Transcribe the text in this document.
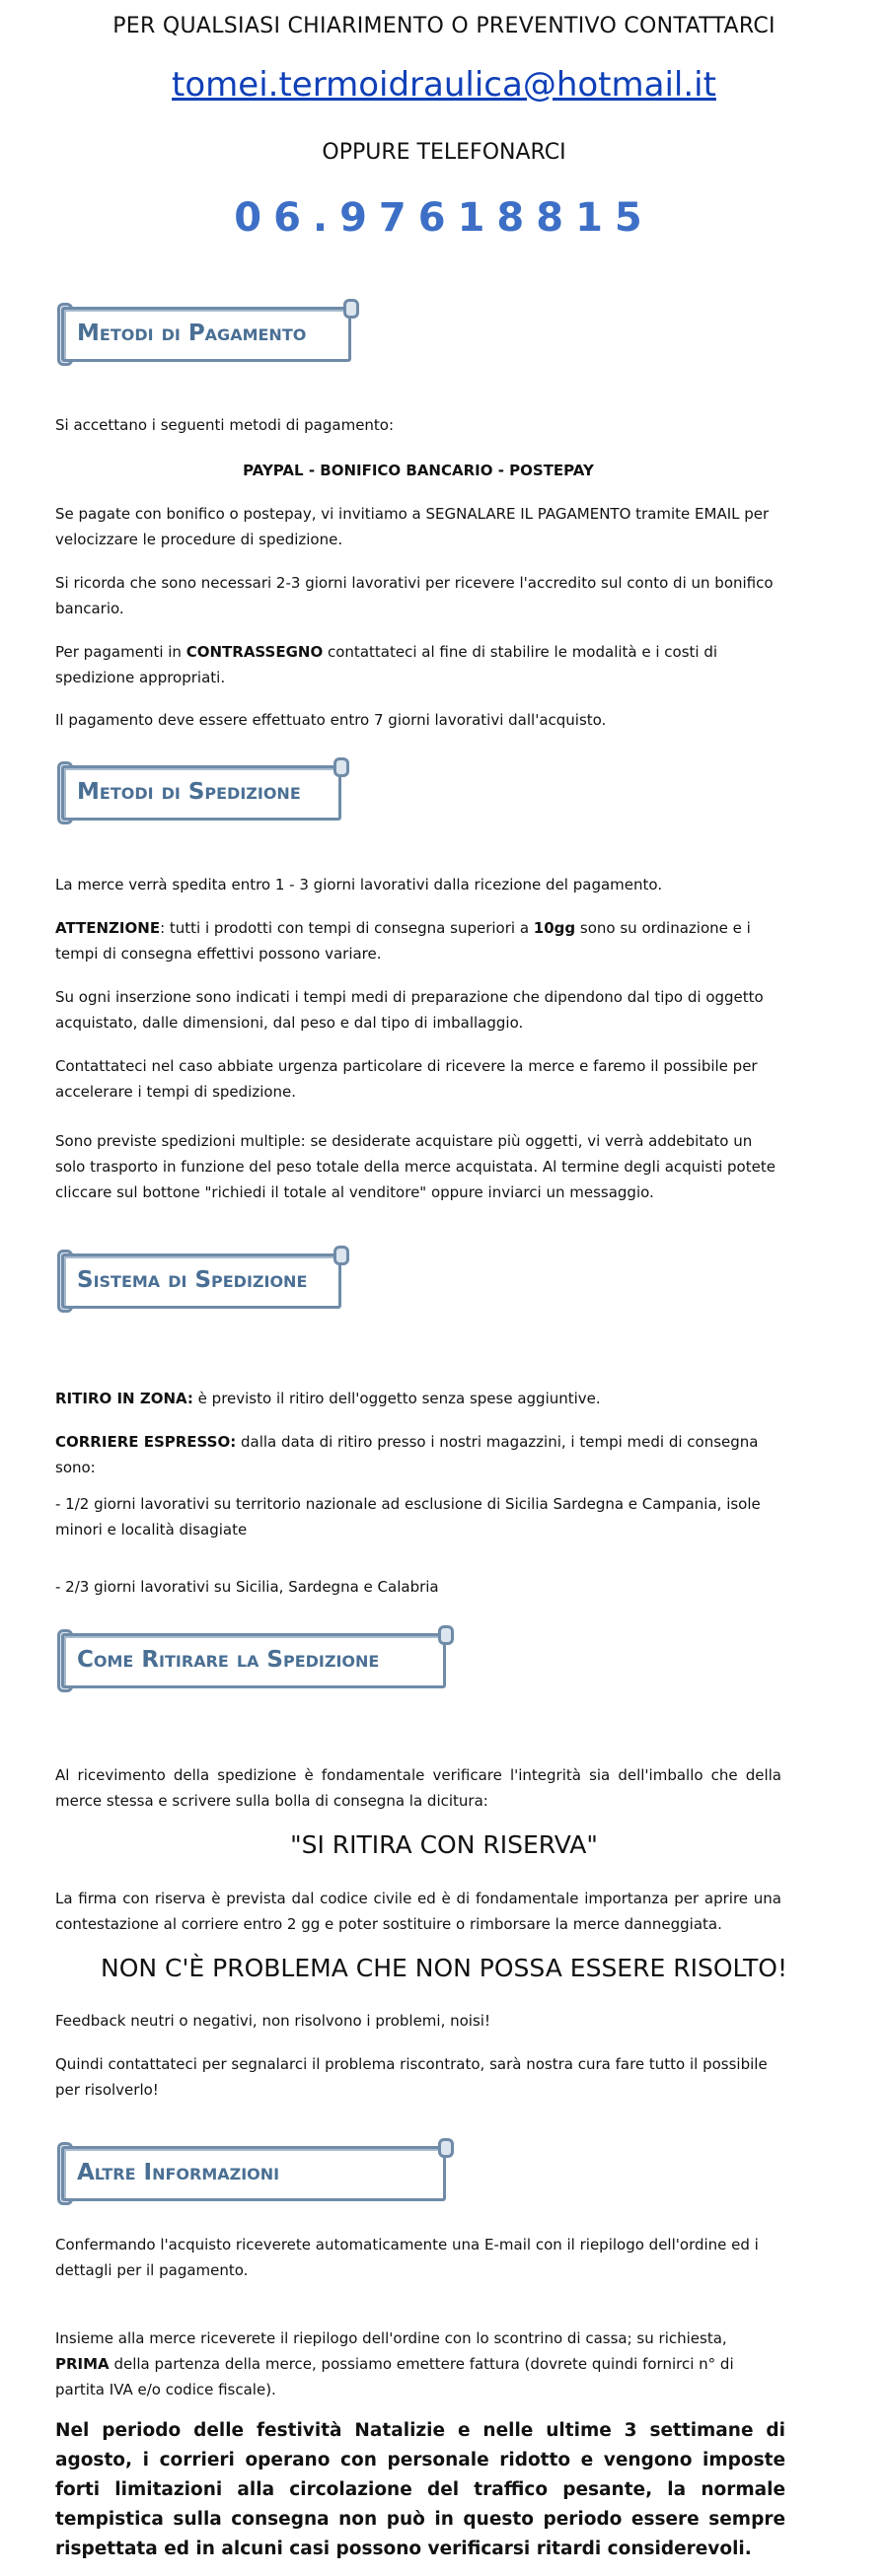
PER QUALSIASI CHIARIMENTO O PREVENTIVO CONTATTARCI
tomei.termoidraulica@hotmail.it
OPPURE TELEFONARCI
06.97618815
Metodi di Pagamento
Si accettano i seguenti metodi di pagamento:
PAYPAL - BONIFICO BANCARIO - POSTEPAY
Se pagate con bonifico o postepay, vi invitiamo a SEGNALARE IL PAGAMENTO tramite EMAIL per velocizzare le procedure di spedizione.
Si ricorda che sono necessari 2-3 giorni lavorativi per ricevere l'accredito sul conto di un bonifico bancario.
Per pagamenti in CONTRASSEGNO contattateci al fine di stabilire le modalità e i costi di spedizione appropriati.
Il pagamento deve essere effettuato entro 7 giorni lavorativi dall'acquisto.
Metodi di Spedizione
La merce verrà spedita entro 1 - 3 giorni lavorativi dalla ricezione del pagamento.
ATTENZIONE: tutti i prodotti con tempi di consegna superiori a 10gg sono su ordinazione e i tempi di consegna effettivi possono variare.
Su ogni inserzione sono indicati i tempi medi di preparazione che dipendono dal tipo di oggetto acquistato, dalle dimensioni, dal peso e dal tipo di imballaggio.
Contattateci nel caso abbiate urgenza particolare di ricevere la merce e faremo il possibile per accelerare i tempi di spedizione.
Sono previste spedizioni multiple: se desiderate acquistare più oggetti, vi verrà addebitato un solo trasporto in funzione del peso totale della merce acquistata. Al termine degli acquisti potete cliccare sul bottone "richiedi il totale al venditore" oppure inviarci un messaggio.
Sistema di Spedizione
RITIRO IN ZONA: è previsto il ritiro dell'oggetto senza spese aggiuntive.
CORRIERE ESPRESSO: dalla data di ritiro presso i nostri magazzini, i tempi medi di consegna sono:
- 1/2 giorni lavorativi su territorio nazionale ad esclusione di Sicilia Sardegna e Campania, isole minori e località disagiate
- 2/3 giorni lavorativi su Sicilia, Sardegna e Calabria
Come Ritirare la Spedizione
Al ricevimento della spedizione è fondamentale verificare l'integrità sia dell'imballo che della merce stessa e scrivere sulla bolla di consegna la dicitura:
"SI RITIRA CON RISERVA"
La firma con riserva è prevista dal codice civile ed è di fondamentale importanza per aprire una contestazione al corriere entro 2 gg e poter sostituire o rimborsare la merce danneggiata.
NON C'È PROBLEMA CHE NON POSSA ESSERE RISOLTO!
Feedback neutri o negativi, non risolvono i problemi, noisi!
Quindi contattateci per segnalarci il problema riscontrato, sarà nostra cura fare tutto il possibile per risolverlo!
Altre Informazioni
Confermando l'acquisto riceverete automaticamente una E-mail con il riepilogo dell'ordine ed i dettagli per il pagamento.
Insieme alla merce riceverete il riepilogo dell'ordine con lo scontrino di cassa; su richiesta, PRIMA della partenza della merce, possiamo emettere fattura (dovrete quindi fornirci n° di partita IVA e/o codice fiscale).
Nel periodo delle festività Natalizie e nelle ultime 3 settimane di agosto, i corrieri operano con personale ridotto e vengono imposte forti limitazioni alla circolazione del traffico pesante, la normale tempistica sulla consegna non può in questo periodo essere sempre rispettata ed in alcuni casi possono verificarsi ritardi considerevoli.
